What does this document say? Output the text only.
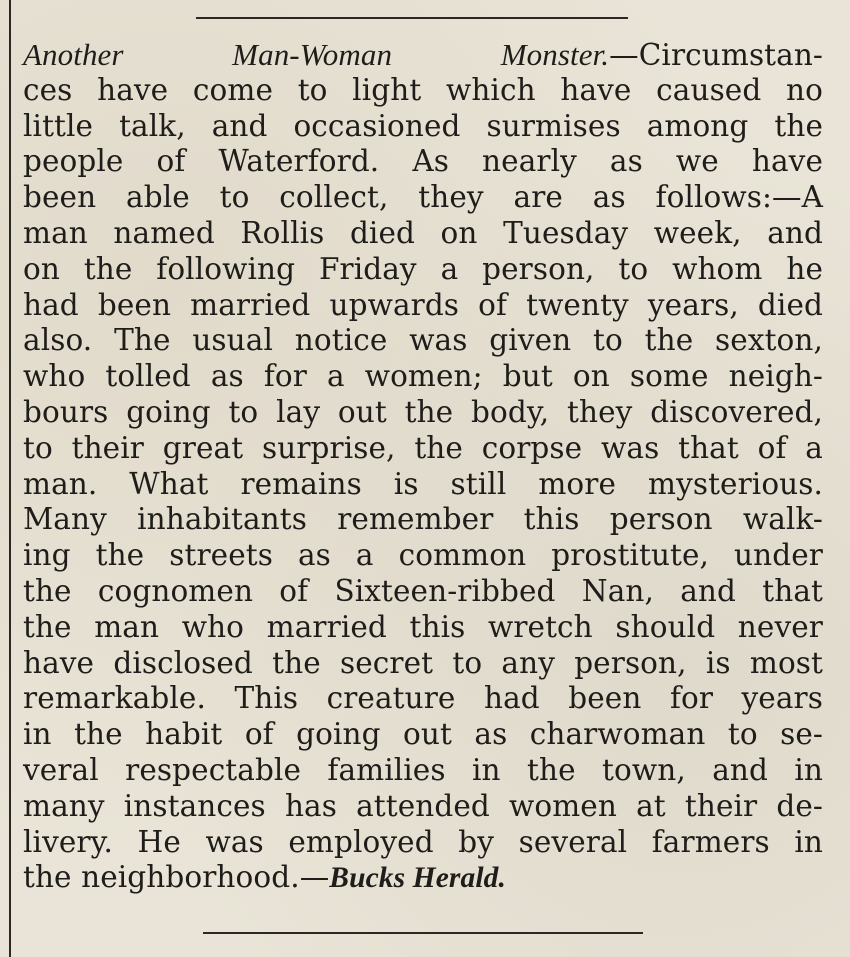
Another Man-Woman Monster.—Circumstan-
ces have come to light which have caused no
little talk, and occasioned surmises among the
people of Waterford. As nearly as we have
been able to collect, they are as follows:—A
man named Rollis died on Tuesday week, and
on the following Friday a person, to whom he
had been married upwards of twenty years, died
also. The usual notice was given to the sexton,
who tolled as for a women; but on some neigh-
bours going to lay out the body, they discovered,
to their great surprise, the corpse was that of a
man. What remains is still more mysterious.
Many inhabitants remember this person walk-
ing the streets as a common prostitute, under
the cognomen of Sixteen-ribbed Nan, and that
the man who married this wretch should never
have disclosed the secret to any person, is most
remarkable. This creature had been for years
in the habit of going out as charwoman to se-
veral respectable families in the town, and in
many instances has attended women at their de-
livery. He was employed by several farmers in
the neighborhood.—Bucks Herald.
